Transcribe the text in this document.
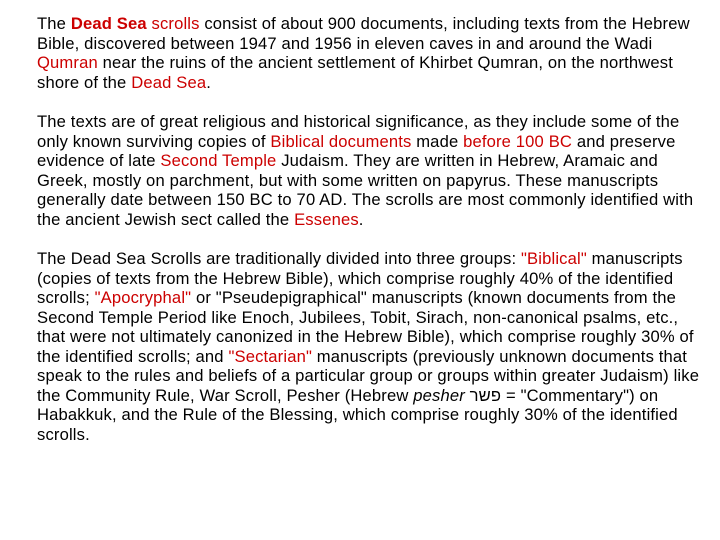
The Dead Sea scrolls consist of about 900 documents, including texts from the Hebrew Bible, discovered between 1947 and 1956 in eleven caves in and around the Wadi Qumran near the ruins of the ancient settlement of Khirbet Qumran, on the northwest shore of the Dead Sea.

The texts are of great religious and historical significance, as they include some of the only known surviving copies of Biblical documents made before 100 BC and preserve evidence of late Second Temple Judaism. They are written in Hebrew, Aramaic and Greek, mostly on parchment, but with some written on papyrus. These manuscripts generally date between 150 BC to 70 AD. The scrolls are most commonly identified with the ancient Jewish sect called the Essenes.

The Dead Sea Scrolls are traditionally divided into three groups: "Biblical" manuscripts (copies of texts from the Hebrew Bible), which comprise roughly 40% of the identified scrolls; "Apocryphal" or "Pseudepigraphical" manuscripts (known documents from the Second Temple Period like Enoch, Jubilees, Tobit, Sirach, non-canonical psalms, etc., that were not ultimately canonized in the Hebrew Bible), which comprise roughly 30% of the identified scrolls; and "Sectarian" manuscripts (previously unknown documents that speak to the rules and beliefs of a particular group or groups within greater Judaism) like the Community Rule, War Scroll, Pesher (Hebrew pesher פשר = "Commentary") on Habakkuk, and the Rule of the Blessing, which comprise roughly 30% of the identified scrolls.
